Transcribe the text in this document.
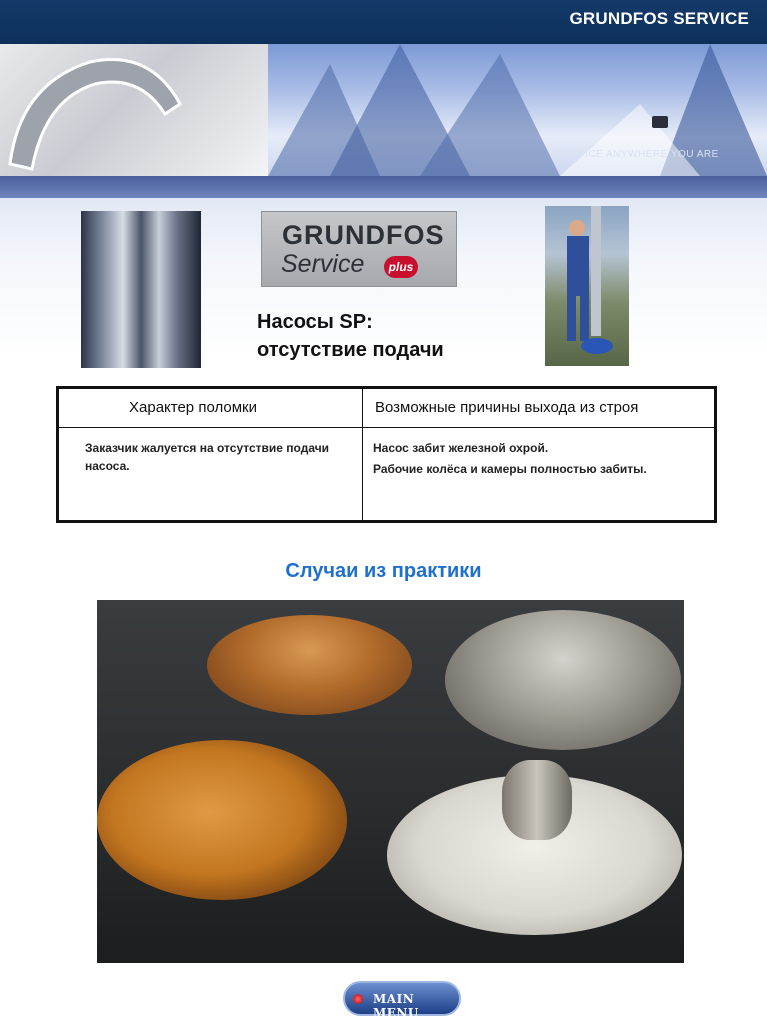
GRUNDFOS SERVICE
SERVICE ANYWHERE YOU ARE
GRUNDFOS
Service	plus
Насосы SP:
отсутствие подачи
Характер поломки	Возможные причины выхода из строя
Заказчик жалуется на отсутствие подачи насоса.
Насос забит железной охрой.
Рабочие колёса и камеры полностью забиты.
Случаи из практики
MAIN MENU
